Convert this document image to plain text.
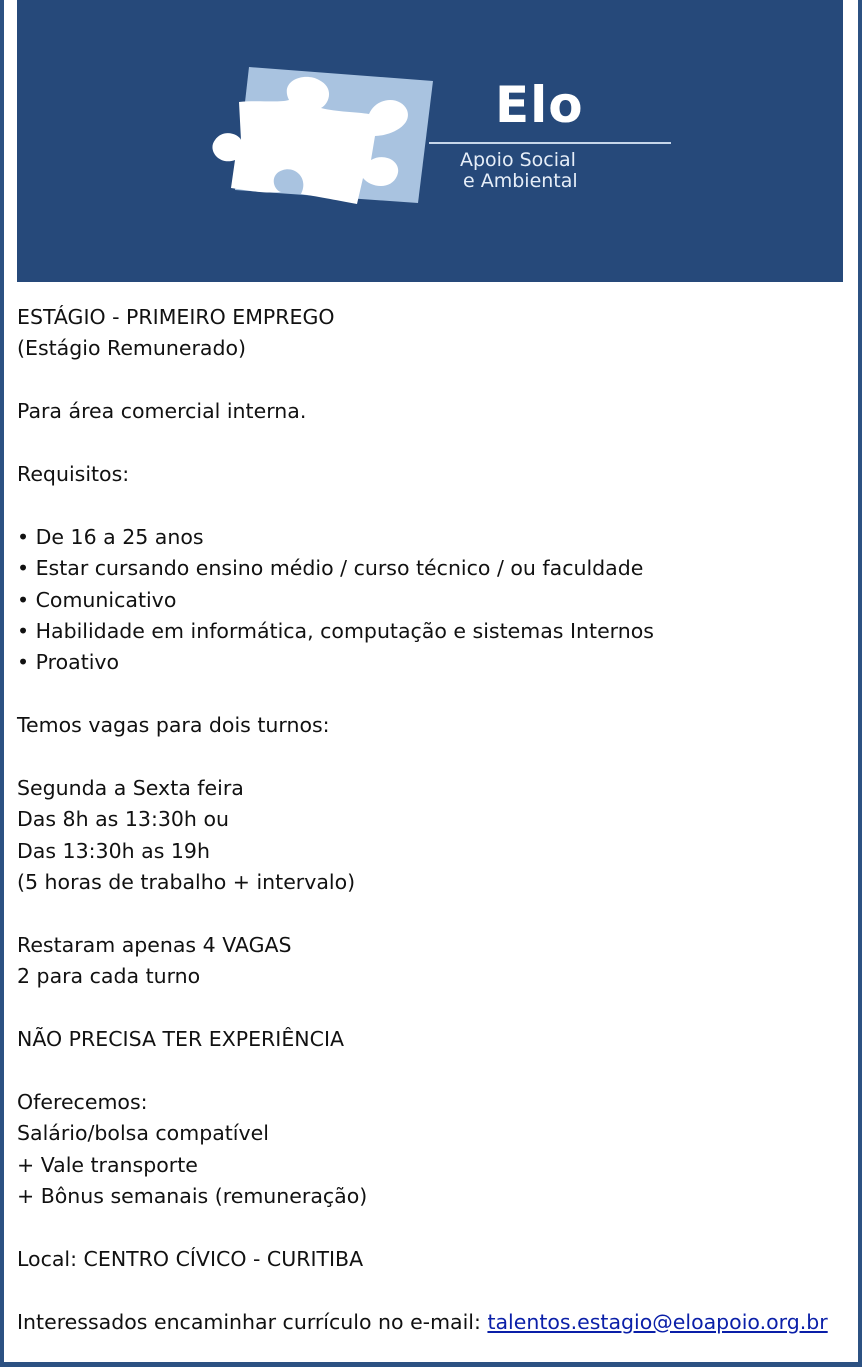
Elo
Apoio Social
e Ambiental
ESTÁGIO - PRIMEIRO EMPREGO
(Estágio Remunerado)
Para área comercial interna.
Requisitos:
• De 16 a 25 anos
• Estar cursando ensino médio / curso técnico / ou faculdade
• Comunicativo
• Habilidade em informática, computação e sistemas Internos
• Proativo
Temos vagas para dois turnos:
Segunda a Sexta feira
Das 8h as 13:30h ou
Das 13:30h as 19h
(5 horas de trabalho + intervalo)
Restaram apenas 4 VAGAS
2 para cada turno
NÃO PRECISA TER EXPERIÊNCIA
Oferecemos:
Salário/bolsa compatível
+ Vale transporte
+ Bônus semanais (remuneração)
Local: CENTRO CÍVICO - CURITIBA
Interessados encaminhar currículo no e-mail: talentos.estagio@eloapoio.org.br
